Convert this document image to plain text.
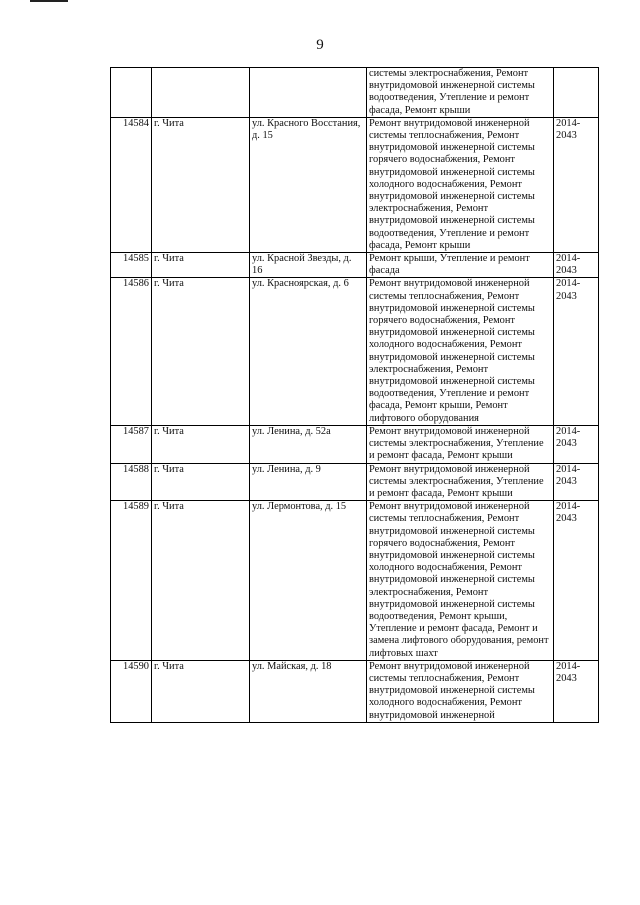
9
			системы электроснабжения, Ремонт внутридомовой инженерной системы водоотведения, Утепление и ремонт фасада, Ремонт крыши	
14584	г. Чита	ул. Красного Восстания, д. 15	Ремонт внутридомовой инженерной системы теплоснабжения, Ремонт внутридомовой инженерной системы горячего водоснабжения, Ремонт внутридомовой инженерной системы холодного водоснабжения, Ремонт внутридомовой инженерной системы электроснабжения, Ремонт внутридомовой инженерной системы водоотведения, Утепление и ремонт фасада, Ремонт крыши	2014-2043
14585	г. Чита	ул. Красной Звезды, д. 16	Ремонт крыши, Утепление и ремонт фасада	2014-2043
14586	г. Чита	ул. Красноярская, д. 6	Ремонт внутридомовой инженерной системы теплоснабжения, Ремонт внутридомовой инженерной системы горячего водоснабжения, Ремонт внутридомовой инженерной системы холодного водоснабжения, Ремонт внутридомовой инженерной системы электроснабжения, Ремонт внутридомовой инженерной системы водоотведения, Утепление и ремонт фасада, Ремонт крыши, Ремонт лифтового оборудования	2014-2043
14587	г. Чита	ул. Ленина, д. 52а	Ремонт внутридомовой инженерной системы электроснабжения, Утепление и ремонт фасада, Ремонт крыши	2014-2043
14588	г. Чита	ул. Ленина, д. 9	Ремонт внутридомовой инженерной системы электроснабжения, Утепление и ремонт фасада, Ремонт крыши	2014-2043
14589	г. Чита	ул. Лермонтова, д. 15	Ремонт внутридомовой инженерной системы теплоснабжения, Ремонт внутридомовой инженерной системы горячего водоснабжения, Ремонт внутридомовой инженерной системы холодного водоснабжения, Ремонт внутридомовой инженерной системы электроснабжения, Ремонт внутридомовой инженерной системы водоотведения, Ремонт крыши, Утепление и ремонт фасада, Ремонт и замена лифтового оборудования, ремонт лифтовых шахт	2014-2043
14590	г. Чита	ул. Майская, д. 18	Ремонт внутридомовой инженерной системы теплоснабжения, Ремонт внутридомовой инженерной системы холодного водоснабжения, Ремонт внутридомовой инженерной	2014-2043
